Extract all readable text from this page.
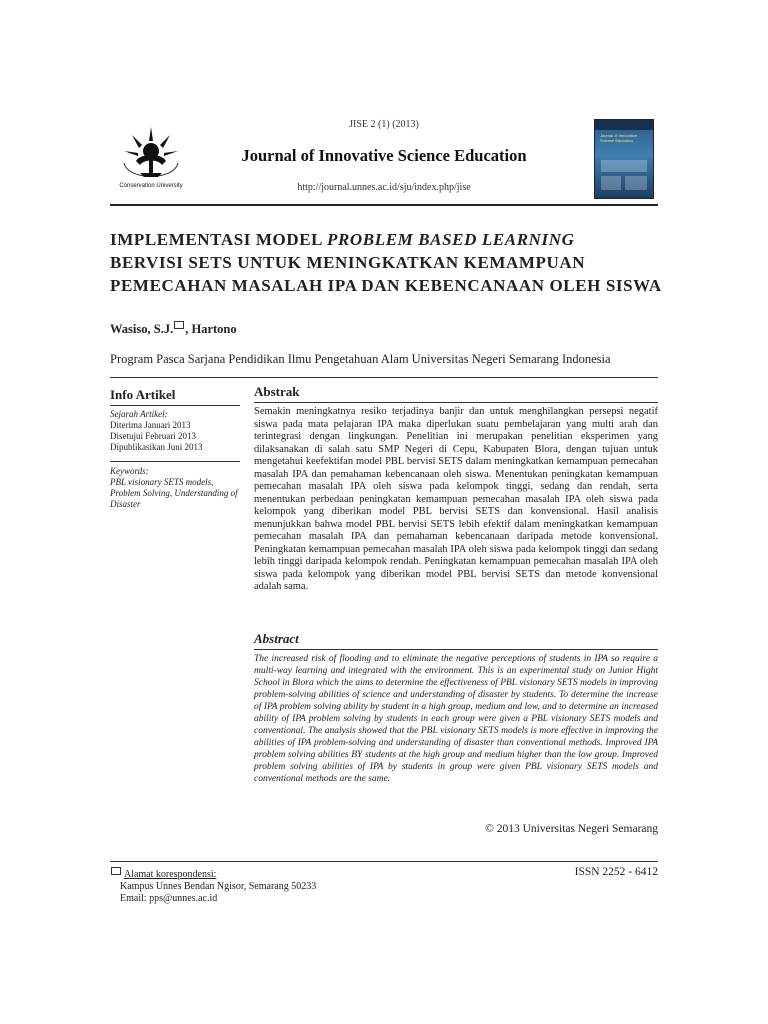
JISE 2 (1) (2013)
Conservation University
Journal of Innovative Science Education
http://journal.unnes.ac.id/sju/index.php/jise
Journal of Innovative Science Education
IMPLEMENTASI MODEL PROBLEM BASED LEARNING
BERVISI SETS UNTUK MENINGKATKAN KEMAMPUAN PEMECAHAN MASALAH IPA DAN KEBENCANAAN OLEH SISWA
Wasiso, S.J. , Hartono
Program Pasca Sarjana Pendidikan Ilmu Pengetahuan Alam Universitas Negeri Semarang Indonesia
Info Artikel
Sejarah Artikel:
Diterima Januari 2013
Disetujui Februari 2013
Dipublikasikan Juni 2013
Keywords:
PBL visionary SETS models, Problem Solving, Understanding of Disaster
Abstrak
Semakin meningkatnya resiko terjadinya banjir dan untuk menghilangkan persepsi negatif siswa pada mata pelajaran IPA maka diperlukan suatu pembelajaran yang multi arah dan terintegrasi dengan lingkungan. Penelitian ini merupakan penelitian eksperimen yang dilaksanakan di salah satu SMP Negeri di Cepu, Kabupaten Blora, dengan tujuan untuk mengetahui keefektifan model PBL bervisi SETS dalam meningkatkan kemampuan pemecahan masalah IPA dan pemahaman kebencanaan oleh siswa. Menentukan peningkatan kemampuan pemecahan masalah IPA oleh siswa pada kelompok tinggi, sedang dan rendah, serta menentukan perbedaan peningkatan kemampuan pemecahan masalah IPA oleh siswa pada kelompok yang diberikan model PBL bervisi SETS dan konvensional. Hasil analisis menunjukkan bahwa model PBL bervisi SETS lebih efektif dalam meningkatkan kemampuan pemecahan masalah IPA dan pemahaman kebencanaan daripada metode konvensional. Peningkatan kemampuan pemecahan masalah IPA oleh siswa pada kelompok tinggi dan sedang lebih tinggi daripada kelompok rendah. Peningkatan kemampuan pemecahan masalah IPA oleh siswa pada kelompok yang diberikan model PBL bervisi SETS dan metode konvensional adalah sama.
Abstract
The increased risk of flooding and to eliminate the negative perceptions of students in IPA so require a multi-way learning and integrated with the environment. This is an experimental study on Junior Hight School in Blora which the aims to determine the effectiveness of PBL visionary SETS models in improving problem-solving abilities of science and understanding of disaster by students. To determine the increase of IPA problem solving ability by student in a high group, medium and low, and to determine an increased ability of IPA problem solving by students in each group were given a PBL visionary SETS models and conventional. The analysis showed that the PBL visionary SETS models is more effective in improving the abilities of IPA problem-solving and understanding of disaster than conventional methods. Improved IPA problem solving abilities BY students at the high group and medium higher than the low group. Improved problem solving abilities of IPA by students in group were given PBL visionary SETS models and conventional methods are the same.
© 2013 Universitas Negeri Semarang
Alamat korespondensi:
Kampus Unnes Bendan Ngisor, Semarang 50233
Email: pps@unnes.ac.id
ISSN 2252 - 6412
